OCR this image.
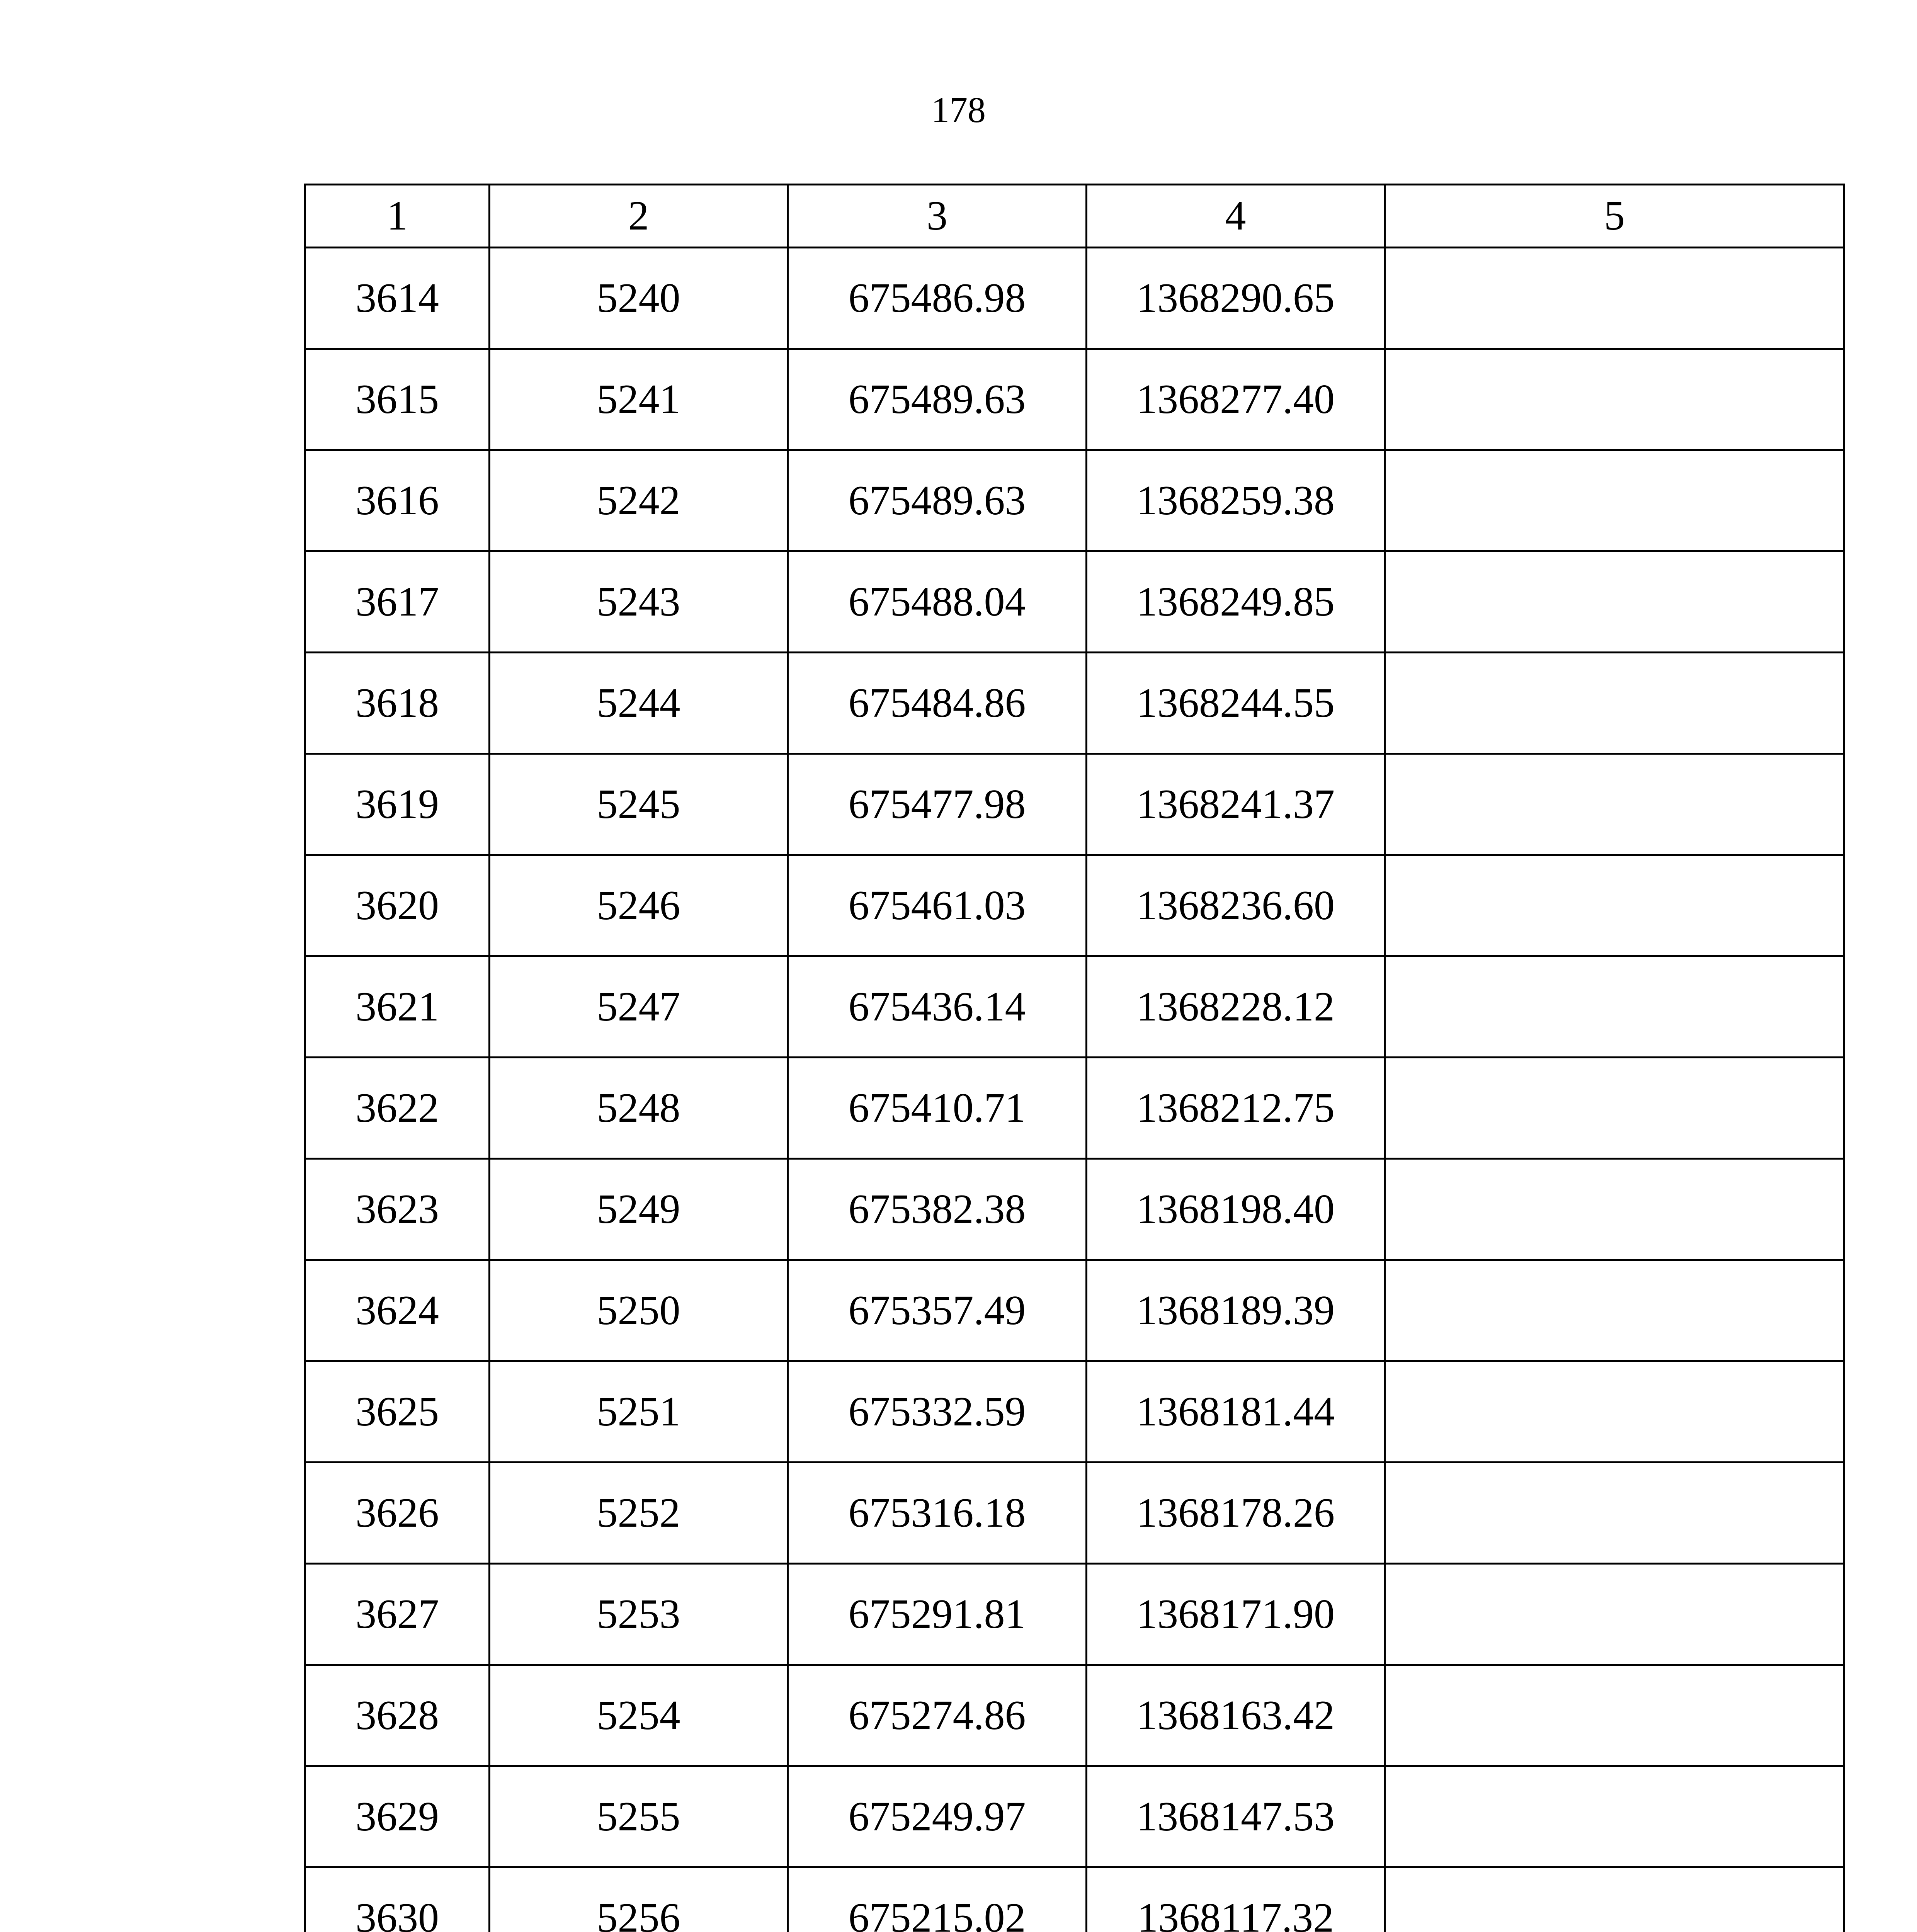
178
1	2	3	4	5
3614	5240	675486.98	1368290.65	
3615	5241	675489.63	1368277.40	
3616	5242	675489.63	1368259.38	
3617	5243	675488.04	1368249.85	
3618	5244	675484.86	1368244.55	
3619	5245	675477.98	1368241.37	
3620	5246	675461.03	1368236.60	
3621	5247	675436.14	1368228.12	
3622	5248	675410.71	1368212.75	
3623	5249	675382.38	1368198.40	
3624	5250	675357.49	1368189.39	
3625	5251	675332.59	1368181.44	
3626	5252	675316.18	1368178.26	
3627	5253	675291.81	1368171.90	
3628	5254	675274.86	1368163.42	
3629	5255	675249.97	1368147.53	
3630	5256	675215.02	1368117.32	
